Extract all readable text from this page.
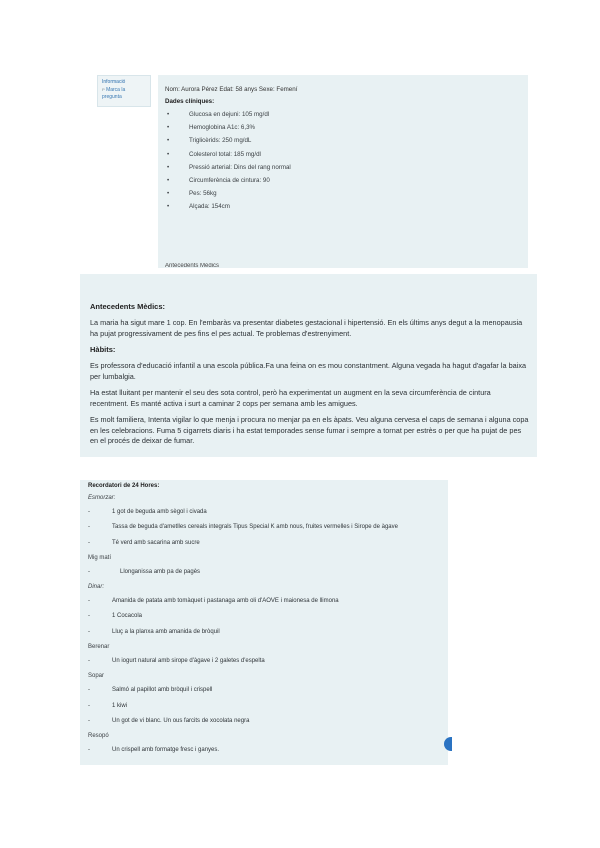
Informació
P Marca la
pregunta
Nom: Aurora Pérez Edat: 58 anys Sexe: Femení
Dades clíniques:
•	Glucosa en dejuni: 105 mg/dl
•	Hemoglobina A1c: 6,3%
•	Triglicèrids: 250 mg/dL
•	Colesterol total: 185 mg/dl
•	Pressió arterial: Dins del rang normal
•	Circumferència de cintura: 90
•	Pes: 56kg
•	Alçada: 154cm
Antecedents Mèdics
Antecedents Mèdics:

La maria ha sigut mare 1 cop. En l'embaràs va presentar diabetes gestacional i hipertensió. En els últims anys degut a la menopausia ha pujat progressivament de pes fins el pes actual. Te problemas d'estrenyiment.

Hàbits:

Es professora d'educació infantil a una escola pública.Fa una feina on es mou constantment. Alguna vegada ha hagut d'agafar la baixa per lumbalgia.

Ha estat lluitant per mantenir el seu des sota control, però ha experimentat un augment en la seva circumferència de cintura recentment. Es manté activa i surt a caminar 2 cops per semana amb les amigues.

Es molt familiera, Intenta vigilar lo que menja i procura no menjar pa en els àpats. Veu alguna cervesa el caps de semana i alguna copa en les celebracions. Fuma 5 cigarrets diaris i ha estat temporades sense fumar i sempre a tornat per estrès o per que ha pujat de pes en el procés de deixar de fumar.

Recordatori de 24 Hores:
Esmorzar:
-	1 got de beguda amb sègol i civada
-	Tassa de beguda d'ametlles cereals integrals Tipus Special K amb nous, fruites vermelles i Sirope de àgave
-	Té verd amb sacarina amb sucre
Mig matí
-	Llonganissa amb pa de pagès
Dinar:
-	Amanida de patata amb tomàquet i pastanaga amb oli d'AOVE i maionesa de llimona
-	1 Cocacola
-	Lluç a la planxa amb amanida de bròquil
Berenar
-	Un iogurt natural amb sirope d'àgave i 2 galetes d'espelta
Sopar
-	Salmó al papillot amb bròquil i crispell
-	1 kiwi
-	Un got de vi blanc. Un ous farcits de xocolata negra
Resopó
-	Un crispell amb formatge fresc i ganyes.
